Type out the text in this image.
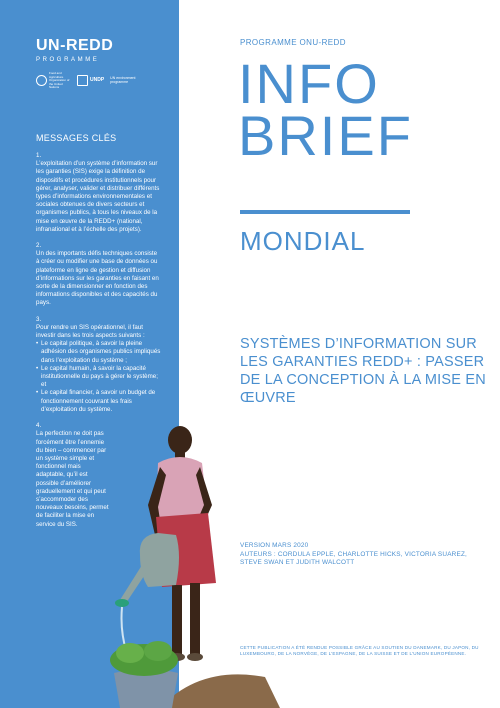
UN-REDD
PROGRAMME
Food and Agriculture Organization of the United Nations
UNDP UN environment programme
MESSAGES CLÉS

1.
L’exploitation d’un système d’information sur les garanties (SIS) exige la définition de dispositifs et procédures institutionnels pour gérer, analyser, valider et distribuer différents types d’informations environnementales et sociales obtenues de divers secteurs et organismes publics, à tous les niveaux de la mise en œuvre de la REDD+ (national, infranational et à l’échelle des projets).

2.
Un des importants défis techniques consiste à créer ou modifier une base de données ou plateforme en ligne de gestion et diffusion d’informations sur les garanties en faisant en sorte de la dimensionner en fonction des informations disponibles et des capacités du pays.

3.
Pour rendre un SIS opérationnel, il faut investir dans les trois aspects suivants :
• Le capital politique, à savoir la pleine adhésion des organismes publics impliqués dans l’exploitation du système ;
• Le capital humain, à savoir la capacité institutionnelle du pays à gérer le système; et
• Le capital financier, à savoir un budget de fonctionnement couvrant les frais d’exploitation du système.

4.
La perfection ne doit pas forcément être l’ennemie du bien – commencer par un système simple et fonctionnel mais adaptable, qu’il est possible d’améliorer graduellement et qui peut s’accommoder des nouveaux besoins, permet de faciliter la mise en service du SIS.

PROGRAMME ONU-REDD
INFO
BRIEF
MONDIAL
SYSTÈMES D’INFORMATION SUR LES GARANTIES REDD+ : PASSER DE LA CONCEPTION À LA MISE EN ŒUVRE
VERSION MARS 2020
AUTEURS : CORDULA EPPLE, CHARLOTTE HICKS, VICTORIA SUAREZ, STEVE SWAN ET JUDITH WALCOTT
CETTE PUBLICATION A ÉTÉ RENDUE POSSIBLE GRÂCE AU SOUTIEN DU DANEMARK, DU JAPON, DU LUXEMBOURG, DE LA NORVÈGE, DE L’ESPAGNE, DE LA SUISSE ET DE L’UNION EUROPÉENNE.
